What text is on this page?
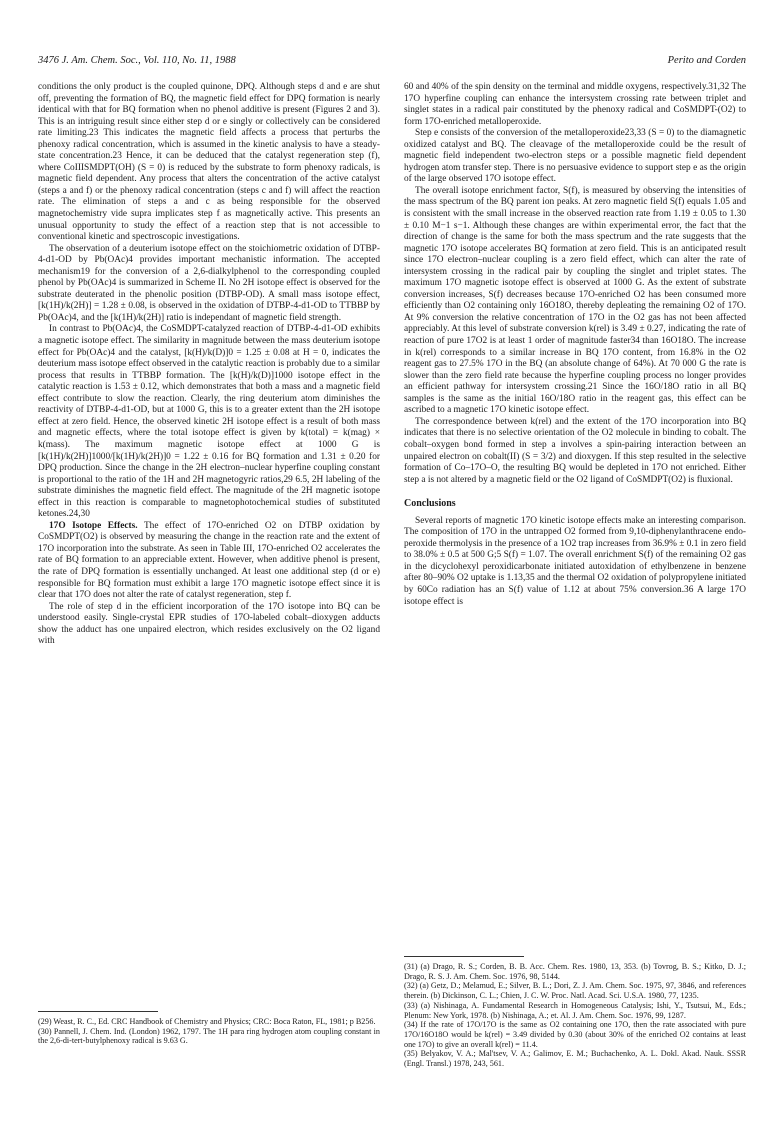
3476 J. Am. Chem. Soc., Vol. 110, No. 11, 1988	Perito and Corden

conditions the only product is the coupled quinone, DPQ. Although steps d and e are shut off, preventing the formation of BQ, the magnetic field effect for DPQ formation is nearly identical with that for BQ formation when no phenol additive is present (Figures 2 and 3). This is an intriguing result since either step d or e singly or collectively can be considered rate limiting.23 This indicates the magnetic field affects a process that perturbs the phenoxy radical concentration, which is assumed in the kinetic analysis to have a steady-state concentration.23 Hence, it can be deduced that the catalyst regeneration step (f), where CoIIISMDPT(OH) (S = 0) is reduced by the substrate to form phenoxy radicals, is magnetic field dependent. Any process that alters the concentration of the active catalyst (steps a and f) or the phenoxy radical concentration (steps c and f) will affect the reaction rate. The elimination of steps a and c as being responsible for the observed magnetochemistry vide supra implicates step f as magnetically active. This presents an unusual opportunity to study the effect of a reaction step that is not accessible to conventional kinetic and spectroscopic investigations.

The observation of a deuterium isotope effect on the stoichiometric oxidation of DTBP-4-d1-OD by Pb(OAc)4 provides important mechanistic information. The accepted mechanism19 for the conversion of a 2,6-dialkylphenol to the corresponding coupled phenol by Pb(OAc)4 is summarized in Scheme II. No 2H isotope effect is observed for the substrate deuterated in the phenolic position (DTBP-OD). A small mass isotope effect, [k(1H)/k(2H)] = 1.28 ± 0.08, is observed in the oxidation of DTBP-4-d1-OD to TTBBP by Pb(OAc)4, and the [k(1H)/k(2H)] ratio is independant of magnetic field strength.

In contrast to Pb(OAc)4, the CoSMDPT-catalyzed reaction of DTBP-4-d1-OD exhibits a magnetic isotope effect. The similarity in magnitude between the mass deuterium isotope effect for Pb(OAc)4 and the catalyst, [k(H)/k(D)]0 = 1.25 ± 0.08 at H = 0, indicates the deuterium mass isotope effect observed in the catalytic reaction is probably due to a similar process that results in TTBBP formation. The [k(H)/k(D)]1000 isotope effect in the catalytic reaction is 1.53 ± 0.12, which demonstrates that both a mass and a magnetic field effect contribute to slow the reaction. Clearly, the ring deuterium atom diminishes the reactivity of DTBP-4-d1-OD, but at 1000 G, this is to a greater extent than the 2H isotope effect at zero field. Hence, the observed kinetic 2H isotope effect is a result of both mass and magnetic effects, where the total isotope effect is given by k(total) = k(mag) × k(mass). The maximum magnetic isotope effect at 1000 G is [k(1H)/k(2H)]1000/[k(1H)/k(2H)]0 = 1.22 ± 0.16 for BQ formation and 1.31 ± 0.20 for DPQ production. Since the change in the 2H electron–nuclear hyperfine coupling constant is proportional to the ratio of the 1H and 2H magnetogyric ratios,29 6.5, 2H labeling of the substrate diminishes the magnetic field effect. The magnitude of the 2H magnetic isotope effect in this reaction is comparable to magnetophotochemical studies of substituted ketones.24,30

17O Isotope Effects. The effect of 17O-enriched O2 on DTBP oxidation by CoSMDPT(O2) is observed by measuring the change in the reaction rate and the extent of 17O incorporation into the substrate. As seen in Table III, 17O-enriched O2 accelerates the rate of BQ formation to an appreciable extent. However, when additive phenol is present, the rate of DPQ formation is essentially unchanged. At least one additional step (d or e) responsible for BQ formation must exhibit a large 17O magnetic isotope effect since it is clear that 17O does not alter the rate of catalyst regeneration, step f.

The role of step d in the efficient incorporation of the 17O isotope into BQ can be understood easily. Single-crystal EPR studies of 17O-labeled cobalt–dioxygen adducts show the adduct has one unpaired electron, which resides exclusively on the O2 ligand with

60 and 40% of the spin density on the terminal and middle oxygens, respectively.31,32 The 17O hyperfine coupling can enhance the intersystem crossing rate between triplet and singlet states in a radical pair constituted by the phenoxy radical and CoSMDPT-(O2) to form 17O-enriched metalloperoxide.

Step e consists of the conversion of the metalloperoxide23,33 (S = 0) to the diamagnetic oxidized catalyst and BQ. The cleavage of the metalloperoxide could be the result of magnetic field independent two-electron steps or a possible magnetic field dependent hydrogen atom transfer step. There is no persuasive evidence to support step e as the origin of the large observed 17O isotope effect.

The overall isotope enrichment factor, S(f), is measured by observing the intensities of the mass spectrum of the BQ parent ion peaks. At zero magnetic field S(f) equals 1.05 and is consistent with the small increase in the observed reaction rate from 1.19 ± 0.05 to 1.30 ± 0.10 M−1 s−1. Although these changes are within experimental error, the fact that the direction of change is the same for both the mass spectrum and the rate suggests that the magnetic 17O isotope accelerates BQ formation at zero field. This is an anticipated result since 17O electron–nuclear coupling is a zero field effect, which can alter the rate of intersystem crossing in the radical pair by coupling the singlet and triplet states. The maximum 17O magnetic isotope effect is observed at 1000 G. As the extent of substrate conversion increases, S(f) decreases because 17O-enriched O2 has been consumed more efficiently than O2 containing only 16O18O, thereby depleating the remaining O2 of 17O. At 9% conversion the relative concentration of 17O in the O2 gas has not been affected appreciably. At this level of substrate conversion k(rel) is 3.49 ± 0.27, indicating the rate of reaction of pure 17O2 is at least 1 order of magnitude faster34 than 16O18O. The increase in k(rel) corresponds to a similar increase in BQ 17O content, from 16.8% in the O2 reagent gas to 27.5% 17O in the BQ (an absolute change of 64%). At 70 000 G the rate is slower than the zero field rate because the hyperfine coupling process no longer provides an efficient pathway for intersystem crossing.21 Since the 16O/18O ratio in all BQ samples is the same as the initial 16O/18O ratio in the reagent gas, this effect can be ascribed to a magnetic 17O kinetic isotope effect.

The correspondence between k(rel) and the extent of the 17O incorporation into BQ indicates that there is no selective orientation of the O2 molecule in binding to cobalt. The cobalt–oxygen bond formed in step a involves a spin-pairing interaction between an unpaired electron on cobalt(II) (S = 3/2) and dioxygen. If this step resulted in the selective formation of Co–17O–O, the resulting BQ would be depleted in 17O not enriched. Either step a is not altered by a magnetic field or the O2 ligand of CoSMDPT(O2) is fluxional.

Conclusions

Several reports of magnetic 17O kinetic isotope effects make an interesting comparison. The composition of 17O in the untrapped O2 formed from 9,10-diphenylanthracene endo-peroxide thermolysis in the presence of a 1O2 trap increases from 36.9% ± 0.1 in zero field to 38.0% ± 0.5 at 500 G;5 S(f) = 1.07. The overall enrichment S(f) of the remaining O2 gas in the dicyclohexyl peroxidicarbonate initiated autoxidation of ethylbenzene in benzene after 80–90% O2 uptake is 1.13,35 and the thermal O2 oxidation of polypropylene initiated by 60Co radiation has an S(f) value of 1.12 at about 75% conversion.36 A large 17O isotope effect is

(29) Weast, R. C., Ed. CRC Handbook of Chemistry and Physics; CRC: Boca Raton, FL, 1981; p B256.

(30) Pannell, J. Chem. Ind. (London) 1962, 1797. The 1H para ring hydrogen atom coupling constant in the 2,6-di-tert-butylphenoxy radical is 9.63 G.

(31) (a) Drago, R. S.; Corden, B. B. Acc. Chem. Res. 1980, 13, 353. (b) Tovrog, B. S.; Kitko, D. J.; Drago, R. S. J. Am. Chem. Soc. 1976, 98, 5144.

(32) (a) Getz, D.; Melamud, E.; Silver, B. L.; Dori, Z. J. Am. Chem. Soc. 1975, 97, 3846, and references therein. (b) Dickinson, C. L.; Chien, J. C. W. Proc. Natl. Acad. Sci. U.S.A. 1980, 77, 1235.

(33) (a) Nishinaga, A. Fundamental Research in Homogeneous Catalysis; Ishi, Y., Tsutsui, M., Eds.; Plenum: New York, 1978. (b) Nishinaga, A.; et. Al. J. Am. Chem. Soc. 1976, 99, 1287.

(34) If the rate of 17O/17O is the same as O2 containing one 17O, then the rate associated with pure 17O/16O18O would be k(rel) = 3.49 divided by 0.30 (about 30% of the enriched O2 contains at least one 17O) to give an overall k(rel) = 11.4.

(35) Belyakov, V. A.; Mal'tsev, V. A.; Galimov, E. M.; Buchachenko, A. L. Dokl. Akad. Nauk. SSSR (Engl. Transl.) 1978, 243, 561.
